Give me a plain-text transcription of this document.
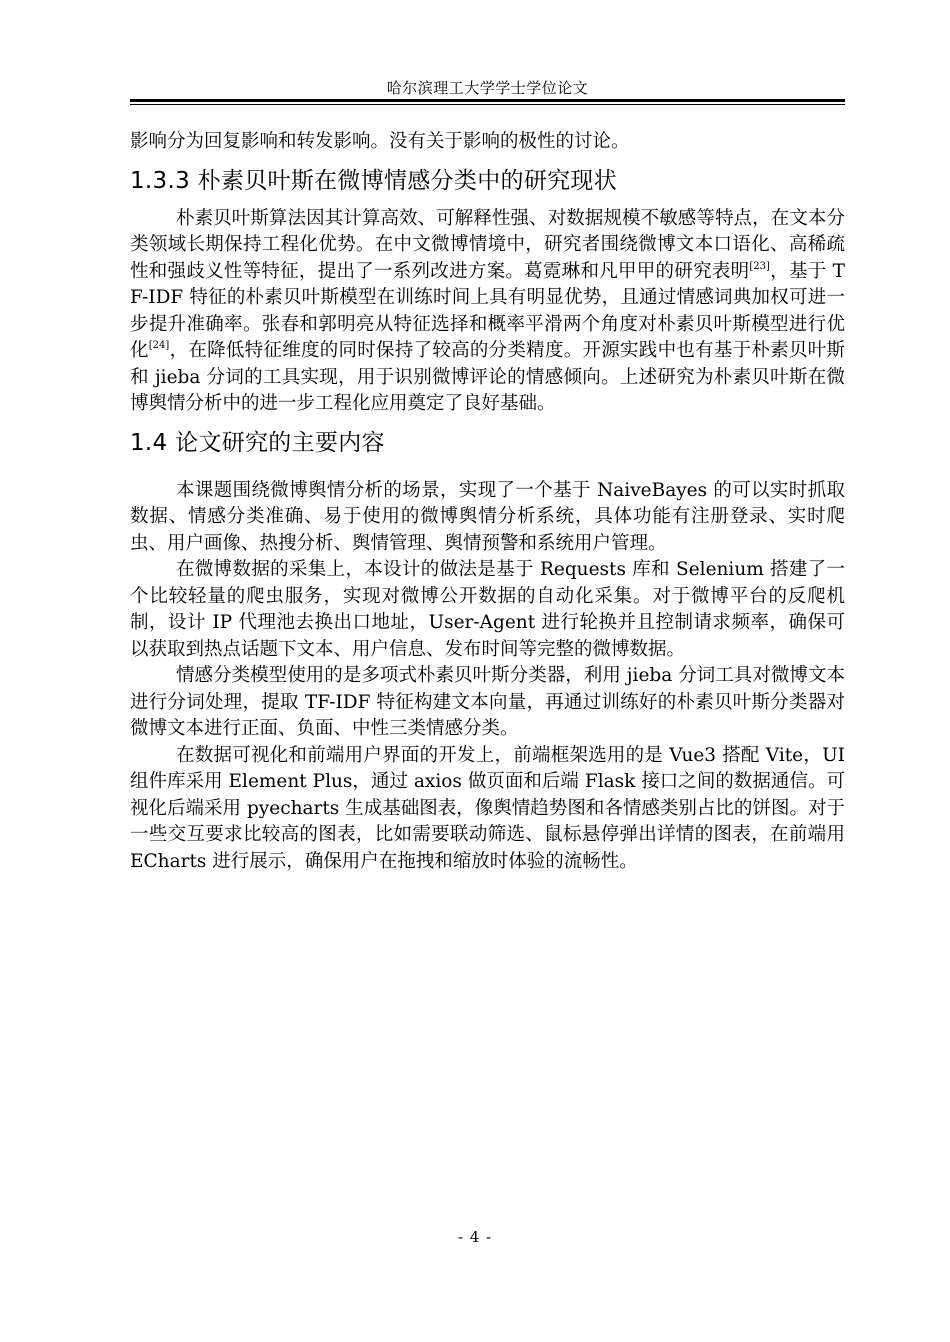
哈尔滨理工大学学士学位论文

影响分为回复影响和转发影响。没有关于影响的极性的讨论。

1.3.3 朴素贝叶斯在微博情感分类中的研究现状

朴素贝叶斯算法因其计算高效、可解释性强、对数据规模不敏感等特点，在文本分类领域长期保持工程化优势。在中文微博情境中，研究者围绕微博文本口语化、高稀疏性和强歧义性等特征，提出了一系列改进方案。葛霓琳和凡甲甲的研究表明[23]，基于 TF-IDF 特征的朴素贝叶斯模型在训练时间上具有明显优势，且通过情感词典加权可进一步提升准确率。张春和郭明亮从特征选择和概率平滑两个角度对朴素贝叶斯模型进行优化[24]，在降低特征维度的同时保持了较高的分类精度。开源实践中也有基于朴素贝叶斯和 jieba 分词的工具实现，用于识别微博评论的情感倾向。上述研究为朴素贝叶斯在微博舆情分析中的进一步工程化应用奠定了良好基础。

1.4 论文研究的主要内容

本课题围绕微博舆情分析的场景，实现了一个基于 NaiveBayes 的可以实时抓取数据、情感分类准确、易于使用的微博舆情分析系统，具体功能有注册登录、实时爬虫、用户画像、热搜分析、舆情管理、舆情预警和系统用户管理。

在微博数据的采集上，本设计的做法是基于 Requests 库和 Selenium 搭建了一个比较轻量的爬虫服务，实现对微博公开数据的自动化采集。对于微博平台的反爬机制，设计 IP 代理池去换出口地址，User-Agent 进行轮换并且控制请求频率，确保可以获取到热点话题下文本、用户信息、发布时间等完整的微博数据。

情感分类模型使用的是多项式朴素贝叶斯分类器，利用 jieba 分词工具对微博文本进行分词处理，提取 TF-IDF 特征构建文本向量，再通过训练好的朴素贝叶斯分类器对微博文本进行正面、负面、中性三类情感分类。

在数据可视化和前端用户界面的开发上，前端框架选用的是 Vue3 搭配 Vite，UI 组件库采用 Element Plus，通过 axios 做页面和后端 Flask 接口之间的数据通信。可视化后端采用 pyecharts 生成基础图表，像舆情趋势图和各情感类别占比的饼图。对于一些交互要求比较高的图表，比如需要联动筛选、鼠标悬停弹出详情的图表，在前端用 ECharts 进行展示，确保用户在拖拽和缩放时体验的流畅性。

- 4 -
